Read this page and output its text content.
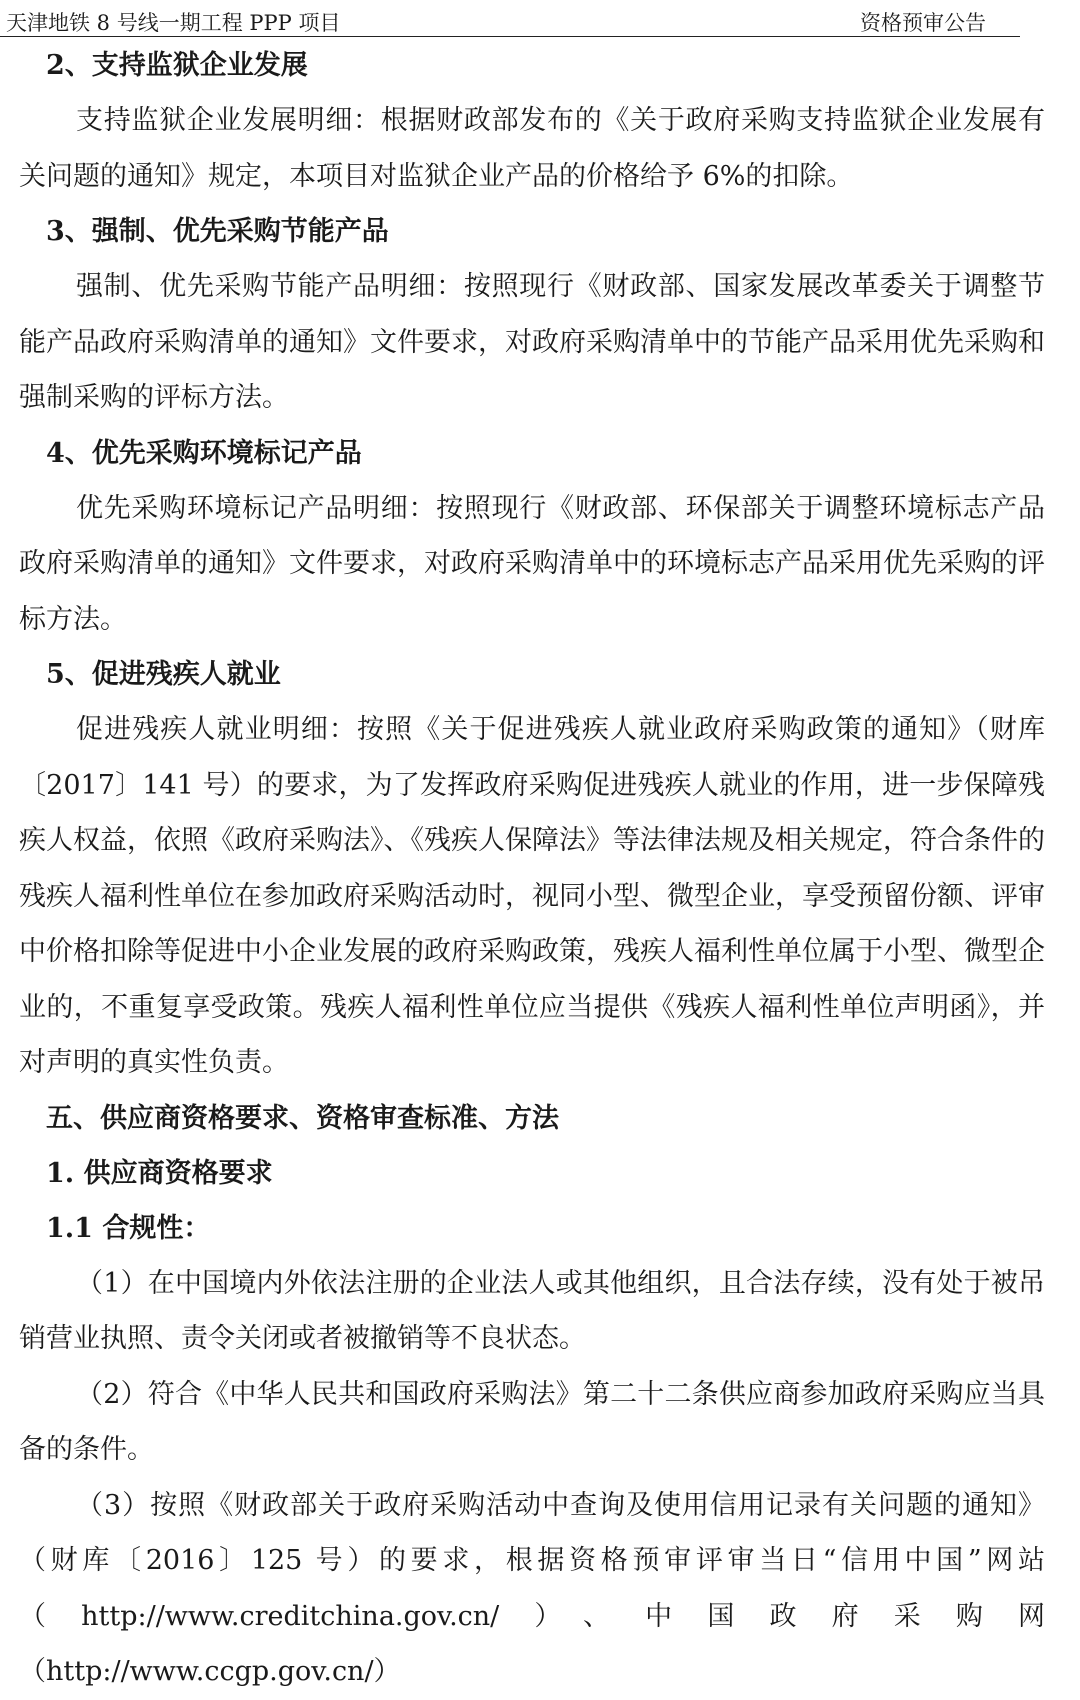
天津地铁 8 号线一期工程 PPP 项目	资格预审公告
2、支持监狱企业发展

支持监狱企业发展明细：根据财政部发布的《关于政府采购支持监狱企业发展有关问题的通知》规定，本项目对监狱企业产品的价格给予 6%的扣除。

3、强制、优先采购节能产品

强制、优先采购节能产品明细：按照现行《财政部、国家发展改革委关于调整节能产品政府采购清单的通知》文件要求，对政府采购清单中的节能产品采用优先采购和强制采购的评标方法。

4、优先采购环境标记产品

优先采购环境标记产品明细：按照现行《财政部、环保部关于调整环境标志产品政府采购清单的通知》文件要求，对政府采购清单中的环境标志产品采用优先采购的评标方法。

5、促进残疾人就业

促进残疾人就业明细：按照《关于促进残疾人就业政府采购政策的通知》（财库〔2017〕141 号）的要求，为了发挥政府采购促进残疾人就业的作用，进一步保障残疾人权益，依照《政府采购法》、《残疾人保障法》等法律法规及相关规定，符合条件的残疾人福利性单位在参加政府采购活动时，视同小型、微型企业，享受预留份额、评审中价格扣除等促进中小企业发展的政府采购政策，残疾人福利性单位属于小型、微型企业的，不重复享受政策。残疾人福利性单位应当提供《残疾人福利性单位声明函》，并对声明的真实性负责。

五、供应商资格要求、资格审查标准、方法
1. 供应商资格要求
1.1 合规性：

（1）在中国境内外依法注册的企业法人或其他组织，且合法存续，没有处于被吊销营业执照、责令关闭或者被撤销等不良状态。

（2）符合《中华人民共和国政府采购法》第二十二条供应商参加政府采购应当具备的条件。

（3）按照《财政部关于政府采购活动中查询及使用信用记录有关问题的通知》（财库〔2016〕125 号）的要求，根据资格预审评审当日“信用中国”网站（http://www.creditchina.gov.cn/）、中国政府采购网（http://www.ccgp.gov.cn/）
